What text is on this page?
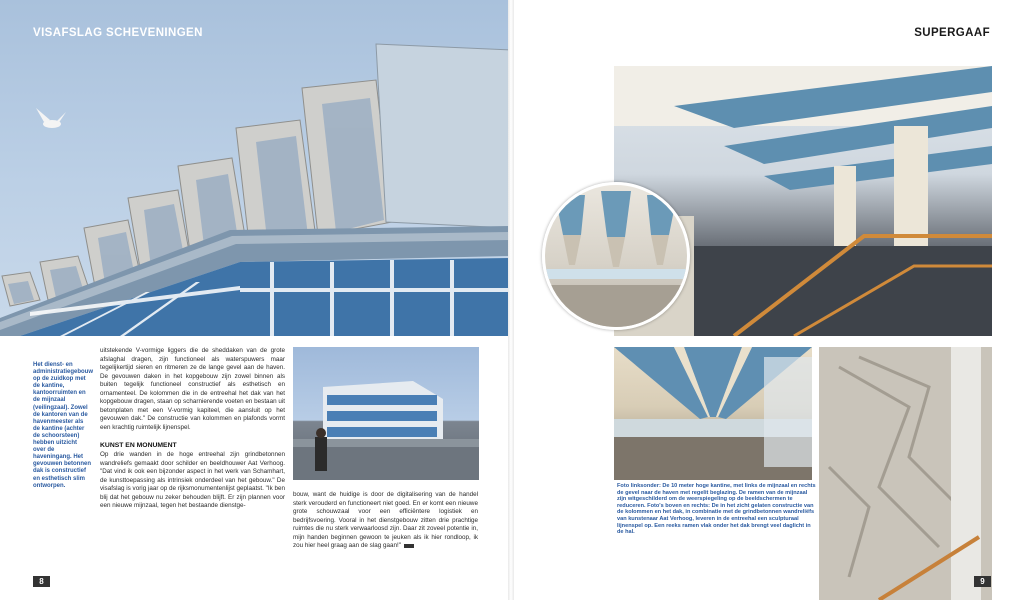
VISAFSLAG SCHEVENINGEN
Het dienst- en administratiegebouw op de zuidkop met de kantine, kantoorruimten en de mijnzaal (veilingzaal). Zowel de kantoren van de havenmeester als de kantine (achter de schoorsteen) hebben uitzicht over de haveningang. Het gevouwen betonnen dak is constructief en esthetisch slim ontworpen.

uitstekende V-vormige liggers die de sheddaken van de grote afslaghal dragen, zijn functioneel als waterspuwers maar tegelijkertijd sieren en ritmeren ze de lange gevel aan de haven. De gevouwen daken in het kopgebouw zijn zowel binnen als buiten tegelijk functioneel constructief als esthetisch en ornamenteel. De kolommen die in de entreehal het dak van het kopgebouw dragen, staan op scharnierende voeten en bestaan uit betonplaten met een V-vormig kapiteel, die aansluit op het gevouwen dak." De constructie van kolommen en plafonds vormt een krachtig ruimtelijk lijnenspel.

KUNST EN MONUMENT

Op drie wanden in de hoge entreehal zijn grindbetonnen wandreliefs gemaakt door schilder en beeldhouwer Aat Verhoog. "Dat vind ik ook een bijzonder aspect in het werk van Schamhart, de kunsttoepassing als intrinsiek onderdeel van het gebouw." De visafslag is vorig jaar op de rijksmonumentenlijst geplaatst. "Ik ben blij dat het gebouw nu zeker behouden blijft. Er zijn plannen voor een nieuwe mijnzaal, tegen het bestaande dienstge-

bouw, want de huidige is door de digitalisering van de handel sterk verouderd en functioneert niet goed. En er komt een nieuwe grote schouwzaal voor een efficiëntere logistiek en bedrijfsvoering. Vooral in het dienstgebouw zitten drie prachtige ruimtes die nu sterk verwaarloosd zijn. Daar zit zoveel potentie in, mijn handen beginnen gewoon te jeuken als ik hier rondloop, ik zou hier heel graag aan de slag gaan!"

8
SUPERGAAF
Foto linksonder: De 10 meter hoge kantine, met links de mijnzaal en rechts de gevel naar de haven met regelit beglazing. De ramen van de mijnzaal zijn witgeschilderd om de weerspiegeling op de beeldschermen te reduceren. Foto's boven en rechts: De in het zicht gelaten constructie van de kolommen en het dak, in combinatie met de grindbetonnen wandreliëfs van kunstenaar Aat Verhoog, leveren in de entreehal een sculpturaal lijnenspel op. Een reeks ramen vlak onder het dak brengt veel daglicht in de hal.
9
